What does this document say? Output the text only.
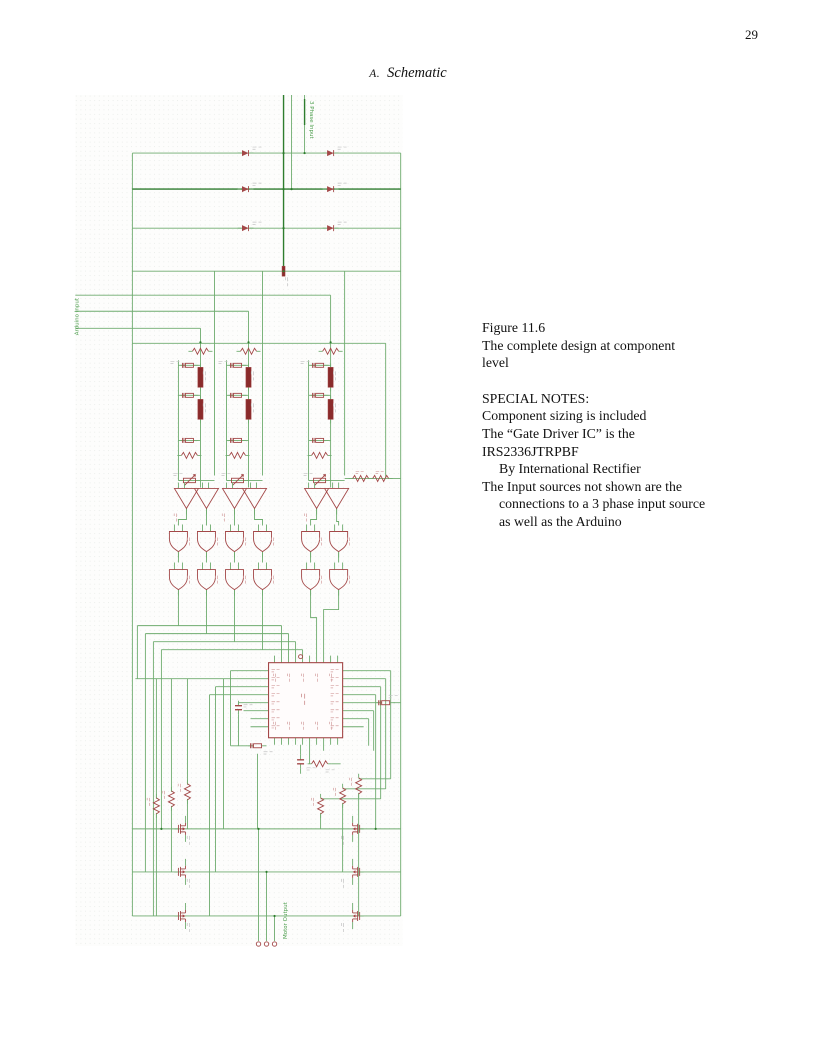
29
A. Schematic
3 Phase Input
Arduino Input
Motor Output
Figure 11.6
The complete design at component
level
SPECIAL NOTES:
Component sizing is included
The “Gate Driver IC” is the
IRS2336JTRPBF
By International Rectifier
The Input sources not shown are the
connections to a 3 phase input source
as well as the Arduino
